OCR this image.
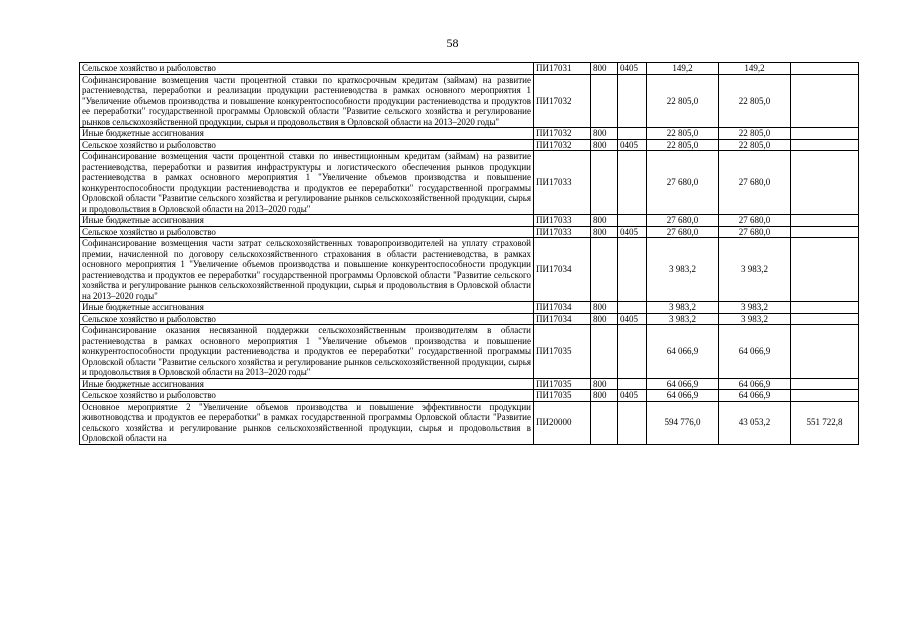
58
Сельское хозяйство и рыболовство	ПИ17031	800	0405	149,2	149,2	
Софинансирование возмещения части процентной ставки по краткосрочным кредитам (займам) на развитие растениеводства, переработки и реализации продукции растениеводства в рамках основного мероприятия 1 "Увеличение объемов производства и повышение конкурентоспособности продукции растениеводства и продуктов ее переработки" государственной программы Орловской области "Развитие сельского хозяйства и регулирование рынков сельскохозяйственной продукции, сырья и продовольствия в Орловской области на 2013–2020 годы"	ПИ17032			22 805,0	22 805,0	
Иные бюджетные ассигнования	ПИ17032	800		22 805,0	22 805,0	
Сельское хозяйство и рыболовство	ПИ17032	800	0405	22 805,0	22 805,0	
Софинансирование возмещения части процентной ставки по инвестиционным кредитам (займам) на развитие растениеводства, переработки и развития инфраструктуры и логистического обеспечения рынков продукции растениеводства в рамках основного мероприятия 1 "Увеличение объемов производства и повышение конкурентоспособности продукции растениеводства и продуктов ее переработки" государственной программы Орловской области "Развитие сельского хозяйства и регулирование рынков сельскохозяйственной продукции, сырья и продовольствия в Орловской области на 2013–2020 годы"	ПИ17033			27 680,0	27 680,0	
Иные бюджетные ассигнования	ПИ17033	800		27 680,0	27 680,0	
Сельское хозяйство и рыболовство	ПИ17033	800	0405	27 680,0	27 680,0	
Софинансирование возмещения части затрат сельскохозяйственных товаропроизводителей на уплату страховой премии, начисленной по договору сельскохозяйственного страхования в области растениеводства, в рамках основного мероприятия 1 "Увеличение объемов производства и повышение конкурентоспособности продукции растениеводства и продуктов ее переработки" государственной программы Орловской области "Развитие сельского хозяйства и регулирование рынков сельскохозяйственной продукции, сырья и продовольствия в Орловской области на 2013–2020 годы"	ПИ17034			3 983,2	3 983,2	
Иные бюджетные ассигнования	ПИ17034	800		3 983,2	3 983,2	
Сельское хозяйство и рыболовство	ПИ17034	800	0405	3 983,2	3 983,2	
Софинансирование оказания несвязанной поддержки сельскохозяйственным производителям в области растениеводства в рамках основного мероприятия 1 "Увеличение объемов производства и повышение конкурентоспособности продукции растениеводства и продуктов ее переработки" государственной программы Орловской области "Развитие сельского хозяйства и регулирование рынков сельскохозяйственной продукции, сырья и продовольствия в Орловской области на 2013–2020 годы"	ПИ17035			64 066,9	64 066,9	
Иные бюджетные ассигнования	ПИ17035	800		64 066,9	64 066,9	
Сельское хозяйство и рыболовство	ПИ17035	800	0405	64 066,9	64 066,9	
Основное мероприятие 2 "Увеличение объемов производства и повышение эффективности продукции животноводства и продуктов ее переработки" в рамках государственной программы Орловской области "Развитие сельского хозяйства и регулирование рынков сельскохозяйственной продукции, сырья и продовольствия в Орловской области на	ПИ20000			594 776,0	43 053,2	551 722,8
